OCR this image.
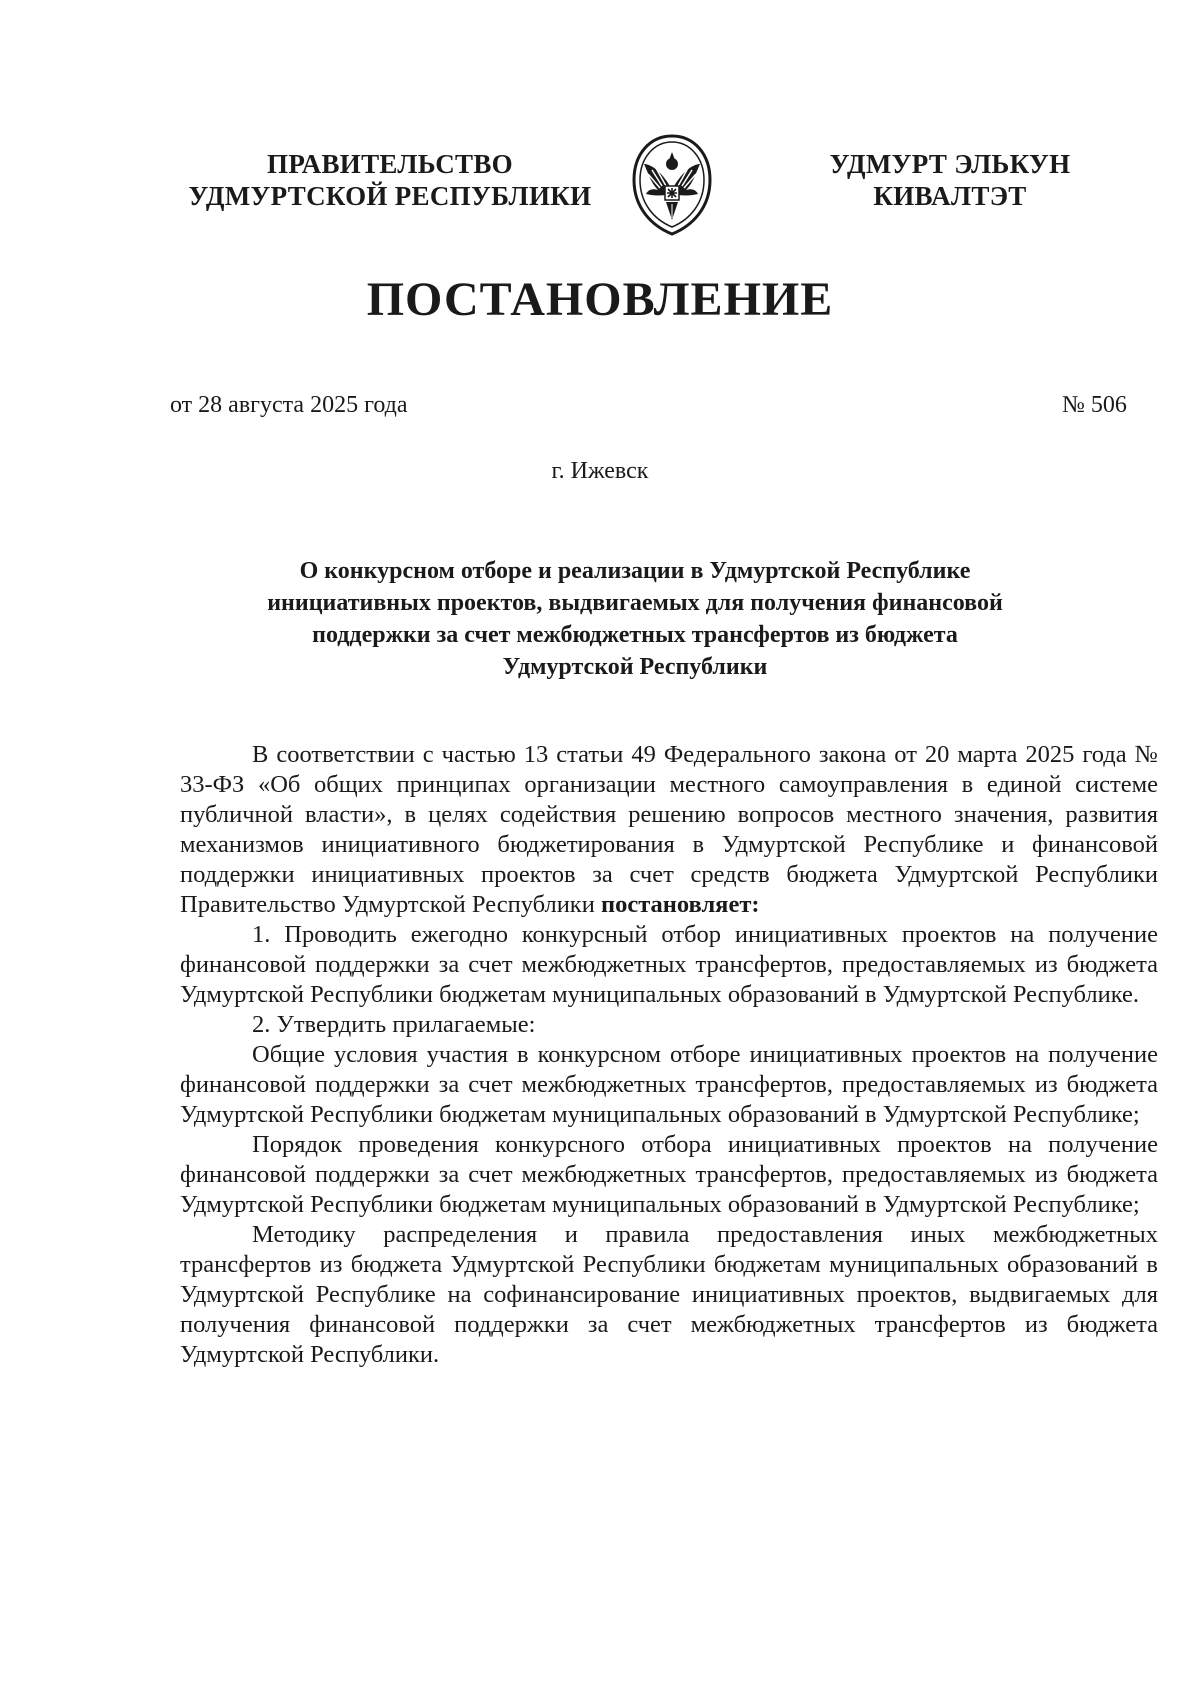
ПРАВИТЕЛЬСТВО
УДМУРТСКОЙ РЕСПУБЛИКИ
УДМУРТ ЭЛЬКУН
КИВАЛТЭТ
ПОСТАНОВЛЕНИЕ
от 28 августа 2025 года	№ 506
г. Ижевск
О конкурсном отборе и реализации в Удмуртской Республике
инициативных проектов, выдвигаемых для получения финансовой
поддержки за счет межбюджетных трансфертов из бюджета
Удмуртской Республики

В соответствии с частью 13 статьи 49 Федерального закона от 20 марта 2025 года № 33-ФЗ «Об общих принципах организации местного самоуправления в единой системе публичной власти», в целях содействия решению вопросов местного значения, развития механизмов инициативного бюджетирования в Удмуртской Республике и финансовой поддержки инициативных проектов за счет средств бюджета Удмуртской Республики Правительство Удмуртской Республики постановляет:

1. Проводить ежегодно конкурсный отбор инициативных проектов на получение финансовой поддержки за счет межбюджетных трансфертов, предоставляемых из бюджета Удмуртской Республики бюджетам муниципальных образований в Удмуртской Республике.

2. Утвердить прилагаемые:

Общие условия участия в конкурсном отборе инициативных проектов на получение финансовой поддержки за счет межбюджетных трансфертов, предоставляемых из бюджета Удмуртской Республики бюджетам муниципальных образований в Удмуртской Республике;

Порядок проведения конкурсного отбора инициативных проектов на получение финансовой поддержки за счет межбюджетных трансфертов, предоставляемых из бюджета Удмуртской Республики бюджетам муниципальных образований в Удмуртской Республике;

Методику распределения и правила предоставления иных межбюджетных трансфертов из бюджета Удмуртской Республики бюджетам муниципальных образований в Удмуртской Республике на софинансирование инициативных проектов, выдвигаемых для получения финансовой поддержки за счет межбюджетных трансфертов из бюджета Удмуртской Республики.
